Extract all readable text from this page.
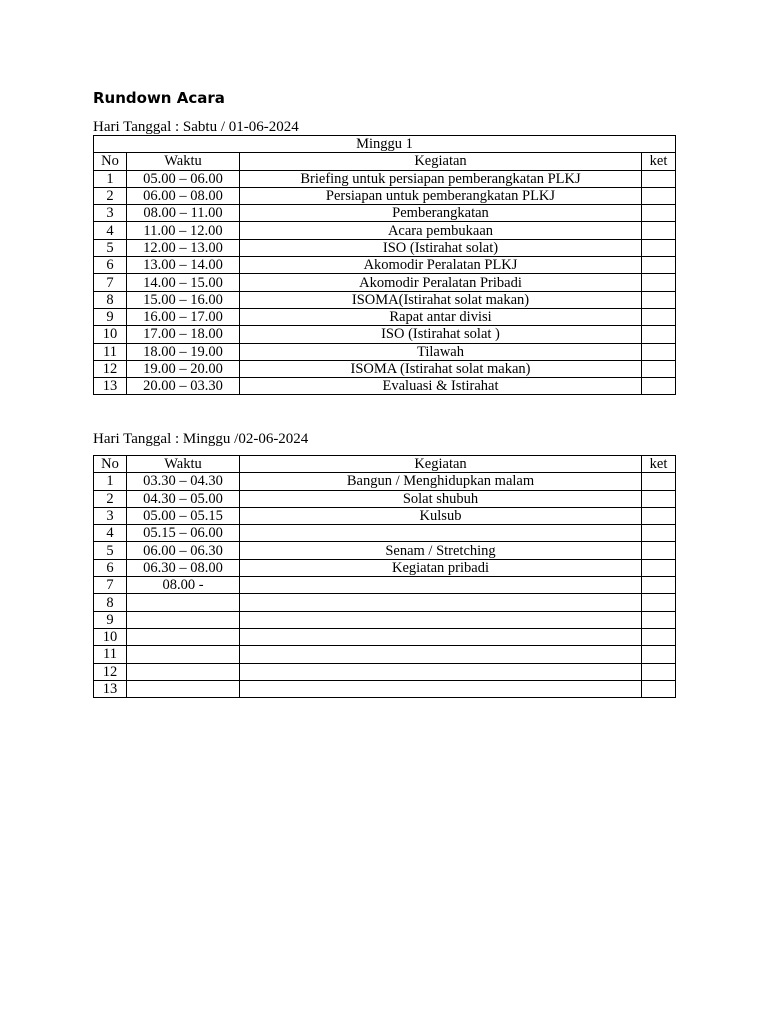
Rundown Acara
Hari Tanggal : Sabtu / 01-06-2024
Minggu 1			
No	Waktu	Kegiatan	ket
1	05.00 – 06.00	Briefing untuk persiapan pemberangkatan PLKJ	
2	06.00 – 08.00	Persiapan untuk pemberangkatan PLKJ	
3	08.00 – 11.00	Pemberangkatan	
4	11.00 – 12.00	Acara pembukaan	
5	12.00 – 13.00	ISO (Istirahat solat)	
6	13.00 – 14.00	Akomodir Peralatan PLKJ	
7	14.00 – 15.00	Akomodir Peralatan Pribadi	
8	15.00 – 16.00	ISOMA(Istirahat solat makan)	
9	16.00 – 17.00	Rapat antar divisi	
10	17.00 – 18.00	ISO (Istirahat solat )	
11	18.00 – 19.00	Tilawah	
12	19.00 – 20.00	ISOMA (Istirahat solat makan)	
13	20.00 – 03.30	Evaluasi & Istirahat	
Hari Tanggal : Minggu /02-06-2024
No	Waktu	Kegiatan	ket
1	03.30 – 04.30	Bangun / Menghidupkan malam	
2	04.30 – 05.00	Solat shubuh	
3	05.00 – 05.15	Kulsub	
4	05.15 – 06.00		
5	06.00 – 06.30	Senam / Stretching	
6	06.30 – 08.00	Kegiatan pribadi	
7	08.00 -		
8			
9			
10			
11			
12			
13			
